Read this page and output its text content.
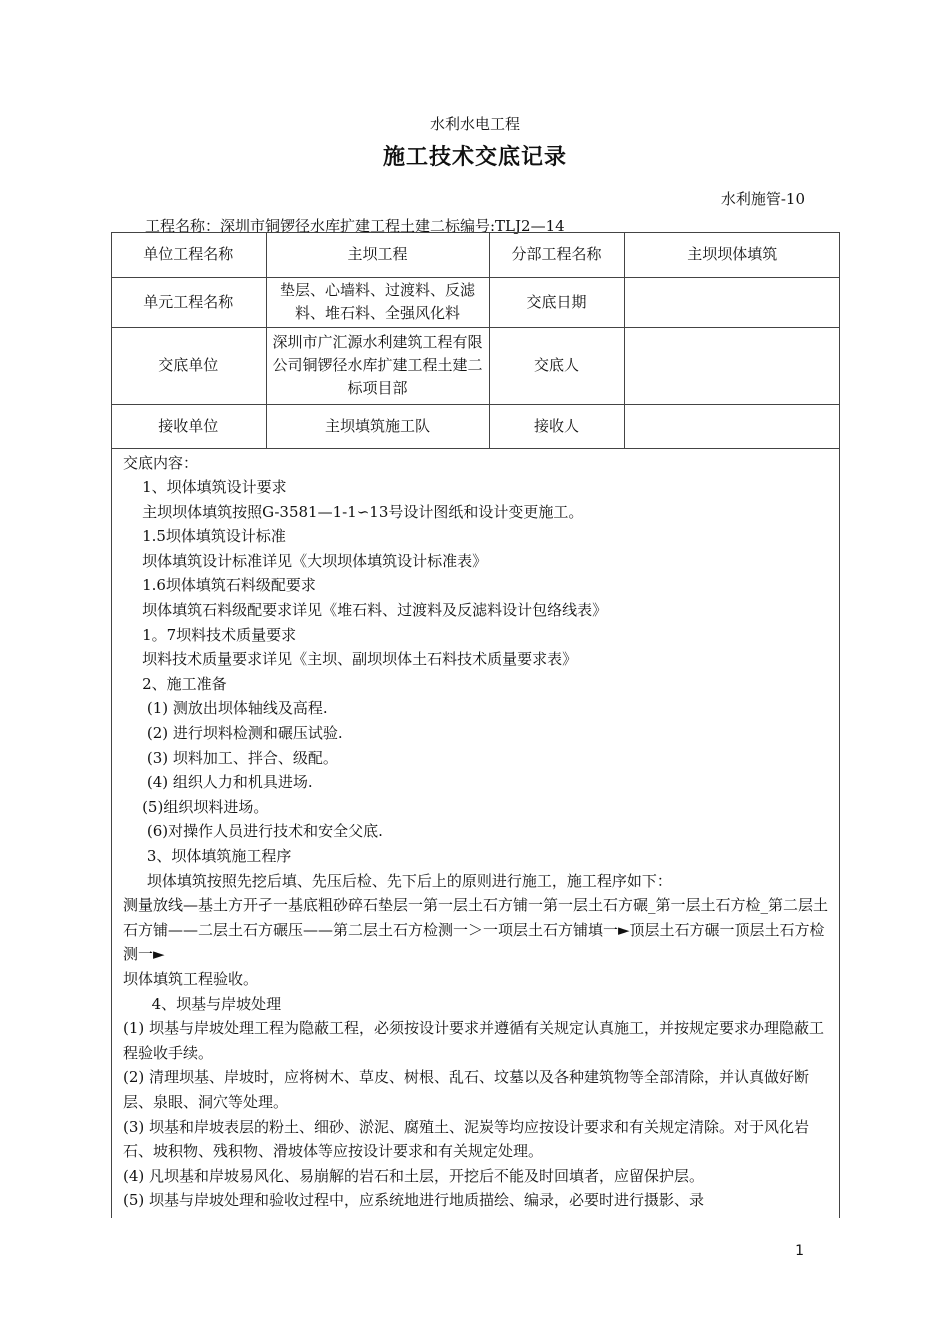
水利水电工程
施工技术交底记录
水利施管-10
工程名称：深圳市铜锣径水库扩建工程土建二标编号:TLJ2—14
单位工程名称	主坝工程	分部工程名称	主坝坝体填筑
单元工程名称	垫层、心墙料、过渡料、反滤料、堆石料、全强风化料	交底日期	
交底单位	深圳市广汇源水利建筑工程有限公司铜锣径水库扩建工程土建二标项目部	交底人	
接收单位	主坝填筑施工队	接收人	

交底内容：

1、坝体填筑设计要求

主坝坝体填筑按照G-3581—1-1∽13号设计图纸和设计变更施工。

1.5坝体填筑设计标准

坝体填筑设计标准详见《大坝坝体填筑设计标准表》

1.6坝体填筑石料级配要求

坝体填筑石料级配要求详见《堆石料、过渡料及反滤料设计包络线表》

1。7坝料技术质量要求

坝料技术质量要求详见《主坝、副坝坝体土石料技术质量要求表》

2、施工准备

(1) 测放出坝体轴线及高程.

(2) 进行坝料检测和碾压试验.

(3) 坝料加工、拌合、级配。

(4) 组织人力和机具进场.

(5)组织坝料进场。

(6)对操作人员进行技术和安全父底.

3、坝体填筑施工程序

坝体填筑按照先挖后填、先压后检、先下后上的原则进行施工，施工程序如下：

测量放线—基土方开孑一基底粗砂碎石垫层一第一层土石方铺一第一层土石方碾_第一层土石方检_第二层土石方铺——二层土石方碾压——第二层土石方检测一＞一项层土石方铺填一►顶层土石方碾一顶层土石方检测一►

坝体填筑工程验收。

4、坝基与岸坡处理

(1) 坝基与岸坡处理工程为隐蔽工程，必须按设计要求并遵循有关规定认真施工，并按规定要求办理隐蔽工程验收手续。

(2) 清理坝基、岸坡时，应将树木、草皮、树根、乱石、坟墓以及各种建筑物等全部清除，并认真做好断层、泉眼、洞穴等处理。

(3) 坝基和岸坡表层的粉土、细砂、淤泥、腐殖土、泥炭等均应按设计要求和有关规定清除。对于风化岩石、坡积物、残积物、滑坡体等应按设计要求和有关规定处理。

(4) 凡坝基和岸坡易风化、易崩解的岩石和土层，开挖后不能及时回填者，应留保护层。

(5) 坝基与岸坡处理和验收过程中，应系统地进行地质描绘、编录，必要时进行摄影、录

1
